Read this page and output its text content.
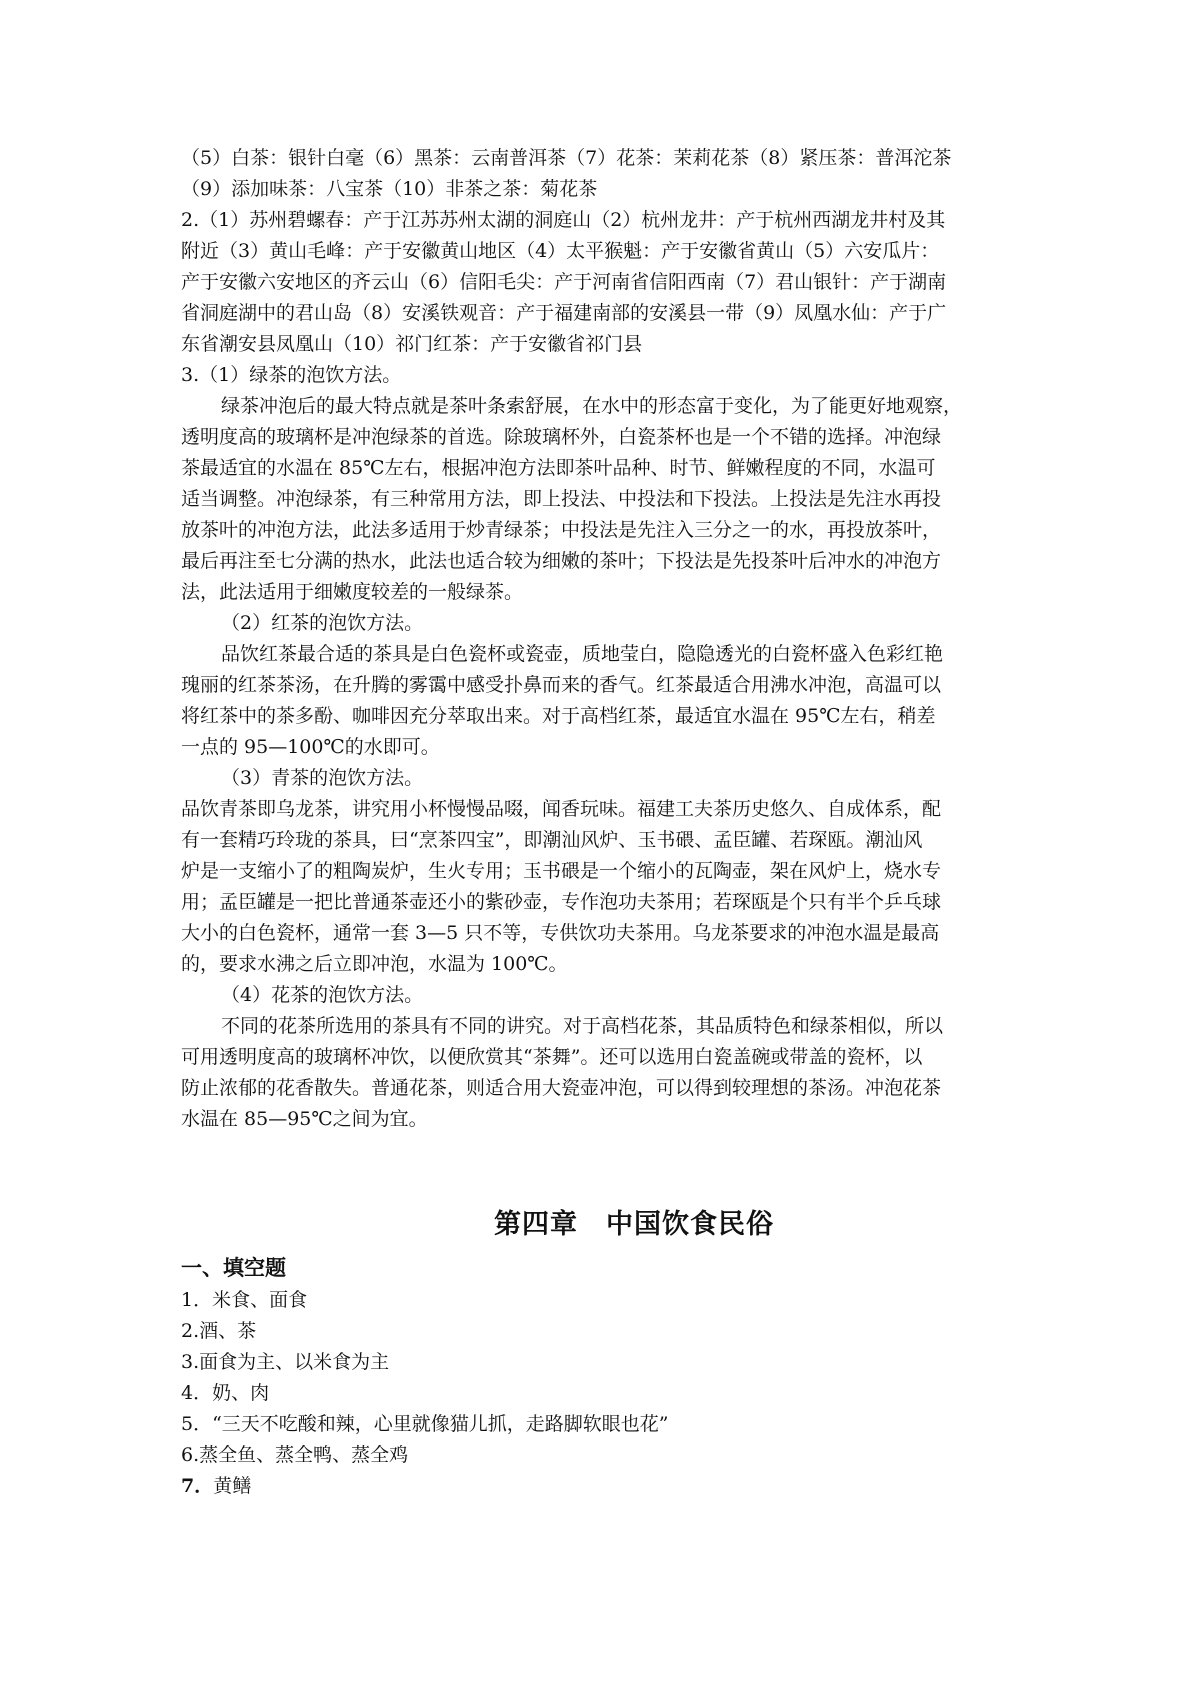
（5）白茶：银针白毫（6）黑茶：云南普洱茶（7）花茶：茉莉花茶（8）紧压茶：普洱沱茶
（9）添加味茶：八宝茶（10）非茶之茶：菊花茶
2.（1）苏州碧螺春：产于江苏苏州太湖的洞庭山（2）杭州龙井：产于杭州西湖龙井村及其
附近（3）黄山毛峰：产于安徽黄山地区（4）太平猴魁：产于安徽省黄山（5）六安瓜片：
产于安徽六安地区的齐云山（6）信阳毛尖：产于河南省信阳西南（7）君山银针：产于湖南
省洞庭湖中的君山岛（8）安溪铁观音：产于福建南部的安溪县一带（9）凤凰水仙：产于广
东省潮安县凤凰山（10）祁门红茶：产于安徽省祁门县
3.（1）绿茶的泡饮方法。
绿茶冲泡后的最大特点就是茶叶条索舒展，在水中的形态富于变化，为了能更好地观察，
透明度高的玻璃杯是冲泡绿茶的首选。除玻璃杯外，白瓷茶杯也是一个不错的选择。冲泡绿
茶最适宜的水温在 85℃左右，根据冲泡方法即茶叶品种、时节、鲜嫩程度的不同，水温可
适当调整。冲泡绿茶，有三种常用方法，即上投法、中投法和下投法。上投法是先注水再投
放茶叶的冲泡方法，此法多适用于炒青绿茶；中投法是先注入三分之一的水，再投放茶叶，
最后再注至七分满的热水，此法也适合较为细嫩的茶叶；下投法是先投茶叶后冲水的冲泡方
法，此法适用于细嫩度较差的一般绿茶。
（2）红茶的泡饮方法。
品饮红茶最合适的茶具是白色瓷杯或瓷壶，质地莹白，隐隐透光的白瓷杯盛入色彩红艳
瑰丽的红茶茶汤，在升腾的雾霭中感受扑鼻而来的香气。红茶最适合用沸水冲泡，高温可以
将红茶中的茶多酚、咖啡因充分萃取出来。对于高档红茶，最适宜水温在 95℃左右，稍差
一点的 95—100℃的水即可。
（3）青茶的泡饮方法。
品饮青茶即乌龙茶，讲究用小杯慢慢品啜，闻香玩味。福建工夫茶历史悠久、自成体系，配
有一套精巧玲珑的茶具，曰“烹茶四宝”，即潮汕风炉、玉书碨、孟臣罐、若琛瓯。潮汕风
炉是一支缩小了的粗陶炭炉，生火专用；玉书碨是一个缩小的瓦陶壶，架在风炉上，烧水专
用；孟臣罐是一把比普通茶壶还小的紫砂壶，专作泡功夫茶用；若琛瓯是个只有半个乒乓球
大小的白色瓷杯，通常一套 3—5 只不等，专供饮功夫茶用。乌龙茶要求的冲泡水温是最高
的，要求水沸之后立即冲泡，水温为 100℃。
（4）花茶的泡饮方法。
不同的花茶所选用的茶具有不同的讲究。对于高档花茶，其品质特色和绿茶相似，所以
可用透明度高的玻璃杯冲饮，以便欣赏其“茶舞”。还可以选用白瓷盖碗或带盖的瓷杯，以
防止浓郁的花香散失。普通花茶，则适合用大瓷壶冲泡，可以得到较理想的茶汤。冲泡花茶
水温在 85—95℃之间为宜。
第四章　中国饮食民俗
一、填空题
1．米食、面食
2.酒、茶
3.面食为主、以米食为主
4．奶、肉
5．“三天不吃酸和辣，心里就像猫儿抓，走路脚软眼也花”
6.蒸全鱼、蒸全鸭、蒸全鸡
7．黄鳝
